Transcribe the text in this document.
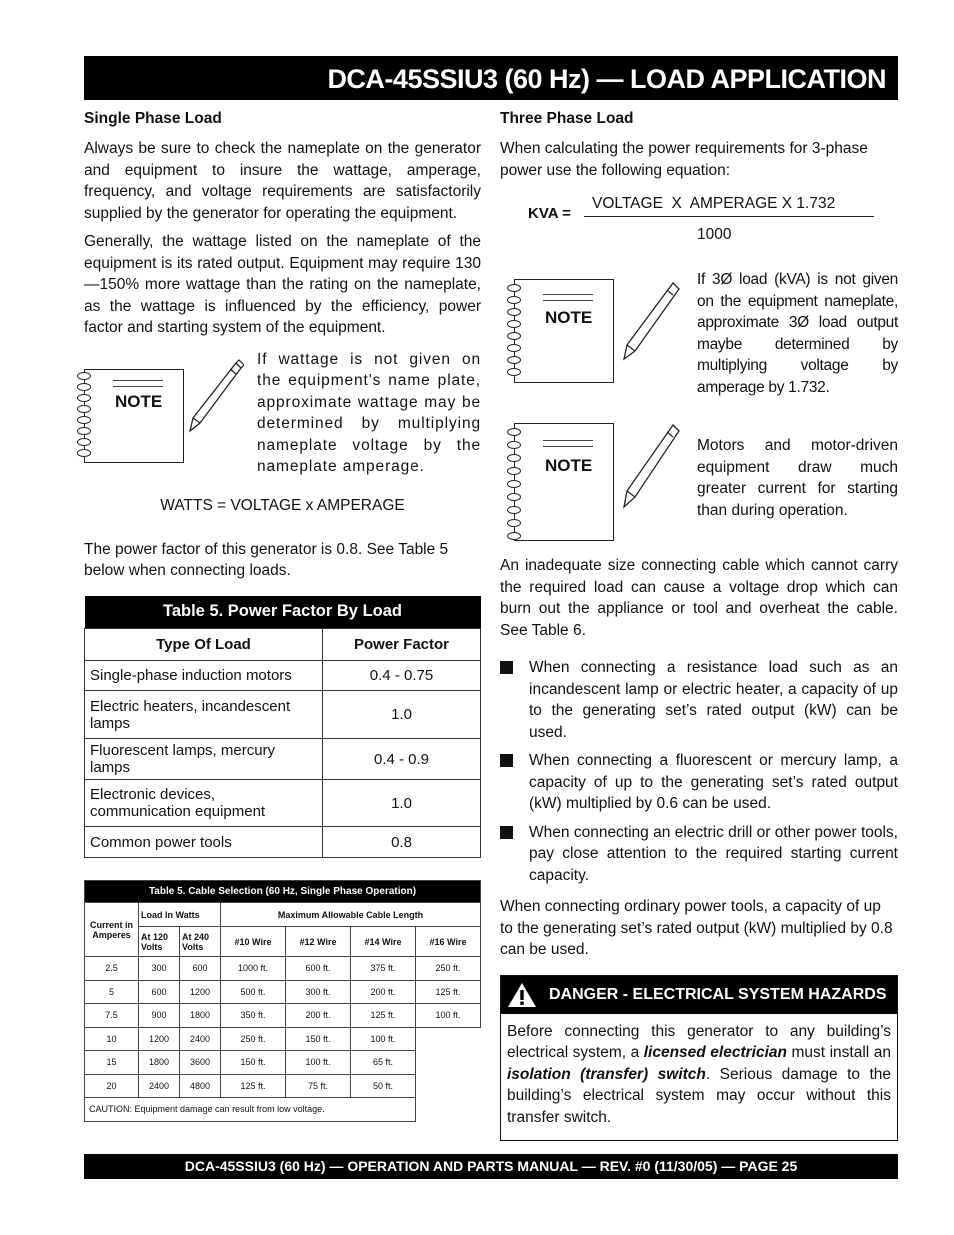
DCA-45SSIU3 (60 Hz) — LOAD APPLICATION
Single Phase Load

Always be sure to check the nameplate on the generator and equipment to insure the wattage, amperage, frequency, and voltage requirements are satisfactorily supplied by the generator for operating the equipment.

Generally, the wattage listed on the nameplate of the equipment is its rated output. Equipment may require 130—150% more wattage than the rating on the nameplate, as the wattage is influenced by the efficiency, power factor and starting system of the equipment.

NOTE
If wattage is not given on the equipment's name plate, approximate wattage may be determined by multiplying nameplate voltage by the nameplate amperage.
WATTS = VOLTAGE x AMPERAGE

The power factor of this generator is 0.8. See Table 5 below when connecting loads.

Table 5. Power Factor By Load	
Type Of Load	Power Factor
Single-phase induction motors	0.4 - 0.75
Electric heaters, incandescent lamps	1.0
Fluorescent lamps, mercury lamps	0.4 - 0.9
Electronic devices, communication equipment	1.0
Common power tools	0.8
Table 5. Cable Selection (60 Hz, Single Phase Operation)						
Current in Amperes	Load In Watts		Maximum Allowable Cable Length			
	At 120 Volts	At 240 Volts	#10 Wire	#12 Wire	#14 Wire	#16 Wire
2.5	300	600	1000 ft.	600 ft.	375 ft.	250 ft.
5	600	1200	500 ft.	300 ft.	200 ft.	125 ft.
7.5	900	1800	350 ft.	200 ft.	125 ft.	100 ft.
10	1200	2400	250 ft.	150 ft.	100 ft.	
15	1800	3600	150 ft.	100 ft.	65 ft.	
20	2400	4800	125 ft.	75 ft.	50 ft.	
CAUTION: Equipment damage can result from low voltage.						
Three Phase Load

When calculating the power requirements for 3-phase power use the following equation:

KVA =
VOLTAGE  X  AMPERAGE X 1.732
1000
NOTE
If 3Ø load (kVA) is not given on the equipment nameplate, approximate 3Ø load output maybe determined by multiplying voltage by amperage by 1.732.
NOTE
Motors and motor-driven equipment draw much greater current for starting than during operation.

An inadequate size connecting cable which cannot carry the required load can cause a voltage drop which can burn out the appliance or tool and overheat the cable. See Table 6.

When connecting a resistance load such as an incandescent lamp or electric heater, a capacity of up to the generating set’s rated output (kW) can be used.
When connecting a fluorescent or mercury lamp, a capacity of up to the generating set’s rated output (kW) multiplied by 0.6 can be used.
When connecting an electric drill or other power tools, pay close attention to the required starting current capacity.

When connecting ordinary power tools, a capacity of up to the generating set’s rated output (kW) multiplied by 0.8 can be used.

DANGER - ELECTRICAL SYSTEM HAZARDS
Before connecting this generator to any building’s electrical system, a licensed electrician must install an isolation (transfer) switch. Serious damage to the building’s electrical system may occur without this transfer switch.
DCA-45SSIU3 (60 Hz) — OPERATION AND PARTS MANUAL — REV. #0 (11/30/05) — PAGE 25
